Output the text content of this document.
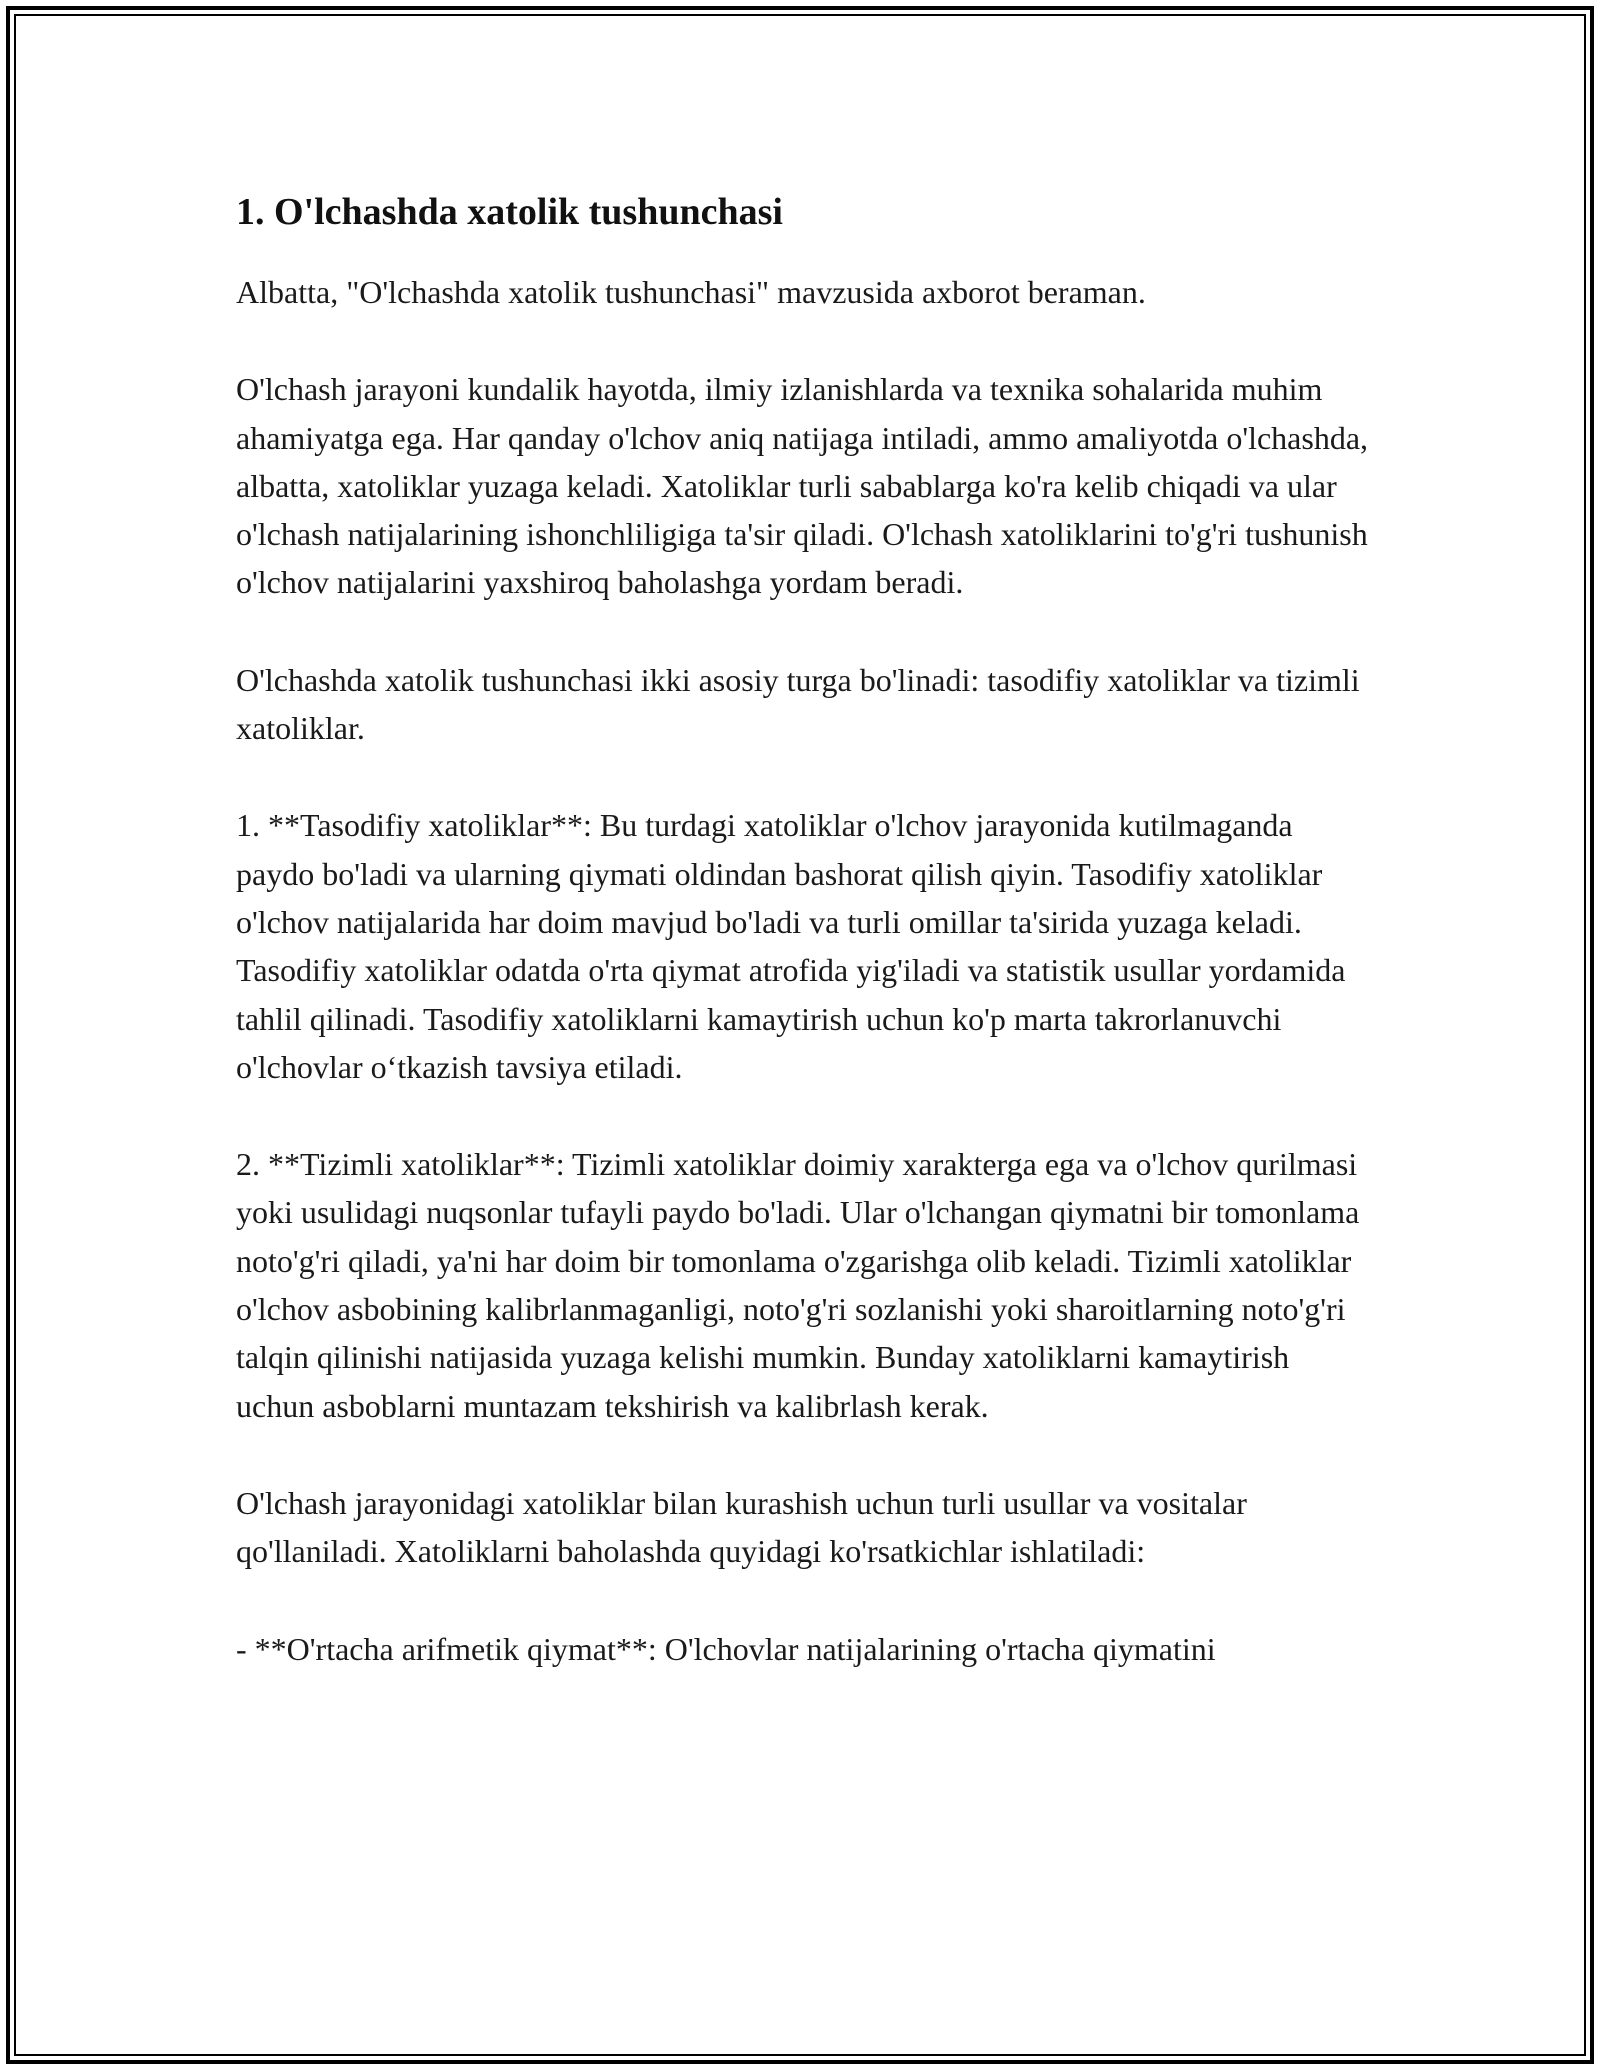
1. O'lchashda xatolik tushunchasi

Albatta, "O'lchashda xatolik tushunchasi" mavzusida axborot beraman.

O'lchash jarayoni kundalik hayotda, ilmiy izlanishlarda va texnika sohalarida muhim ahamiyatga ega. Har qanday o'lchov aniq natijaga intiladi, ammo amaliyotda o'lchashda, albatta, xatoliklar yuzaga keladi. Xatoliklar turli sabablarga ko'ra kelib chiqadi va ular o'lchash natijalarining ishonchliligiga ta'sir qiladi. O'lchash xatoliklarini to'g'ri tushunish o'lchov natijalarini yaxshiroq baholashga yordam beradi.

O'lchashda xatolik tushunchasi ikki asosiy turga bo'linadi: tasodifiy xatoliklar va tizimli xatoliklar.

1. **Tasodifiy xatoliklar**: Bu turdagi xatoliklar o'lchov jarayonida kutilmaganda paydo bo'ladi va ularning qiymati oldindan bashorat qilish qiyin. Tasodifiy xatoliklar o'lchov natijalarida har doim mavjud bo'ladi va turli omillar ta'sirida yuzaga keladi. Tasodifiy xatoliklar odatda o'rta qiymat atrofida yig'iladi va statistik usullar yordamida tahlil qilinadi. Tasodifiy xatoliklarni kamaytirish uchun ko'p marta takrorlanuvchi o'lchovlar o‘tkazish tavsiya etiladi.

2. **Tizimli xatoliklar**: Tizimli xatoliklar doimiy xarakterga ega va o'lchov qurilmasi yoki usulidagi nuqsonlar tufayli paydo bo'ladi. Ular o'lchangan qiymatni bir tomonlama noto'g'ri qiladi, ya'ni har doim bir tomonlama o'zgarishga olib keladi. Tizimli xatoliklar o'lchov asbobining kalibrlanmaganligi, noto'g'ri sozlanishi yoki sharoitlarning noto'g'ri talqin qilinishi natijasida yuzaga kelishi mumkin. Bunday xatoliklarni kamaytirish uchun asboblarni muntazam tekshirish va kalibrlash kerak.

O'lchash jarayonidagi xatoliklar bilan kurashish uchun turli usullar va vositalar qo'llaniladi. Xatoliklarni baholashda quyidagi ko'rsatkichlar ishlatiladi:

- **O'rtacha arifmetik qiymat**: O'lchovlar natijalarining o'rtacha qiymatini
